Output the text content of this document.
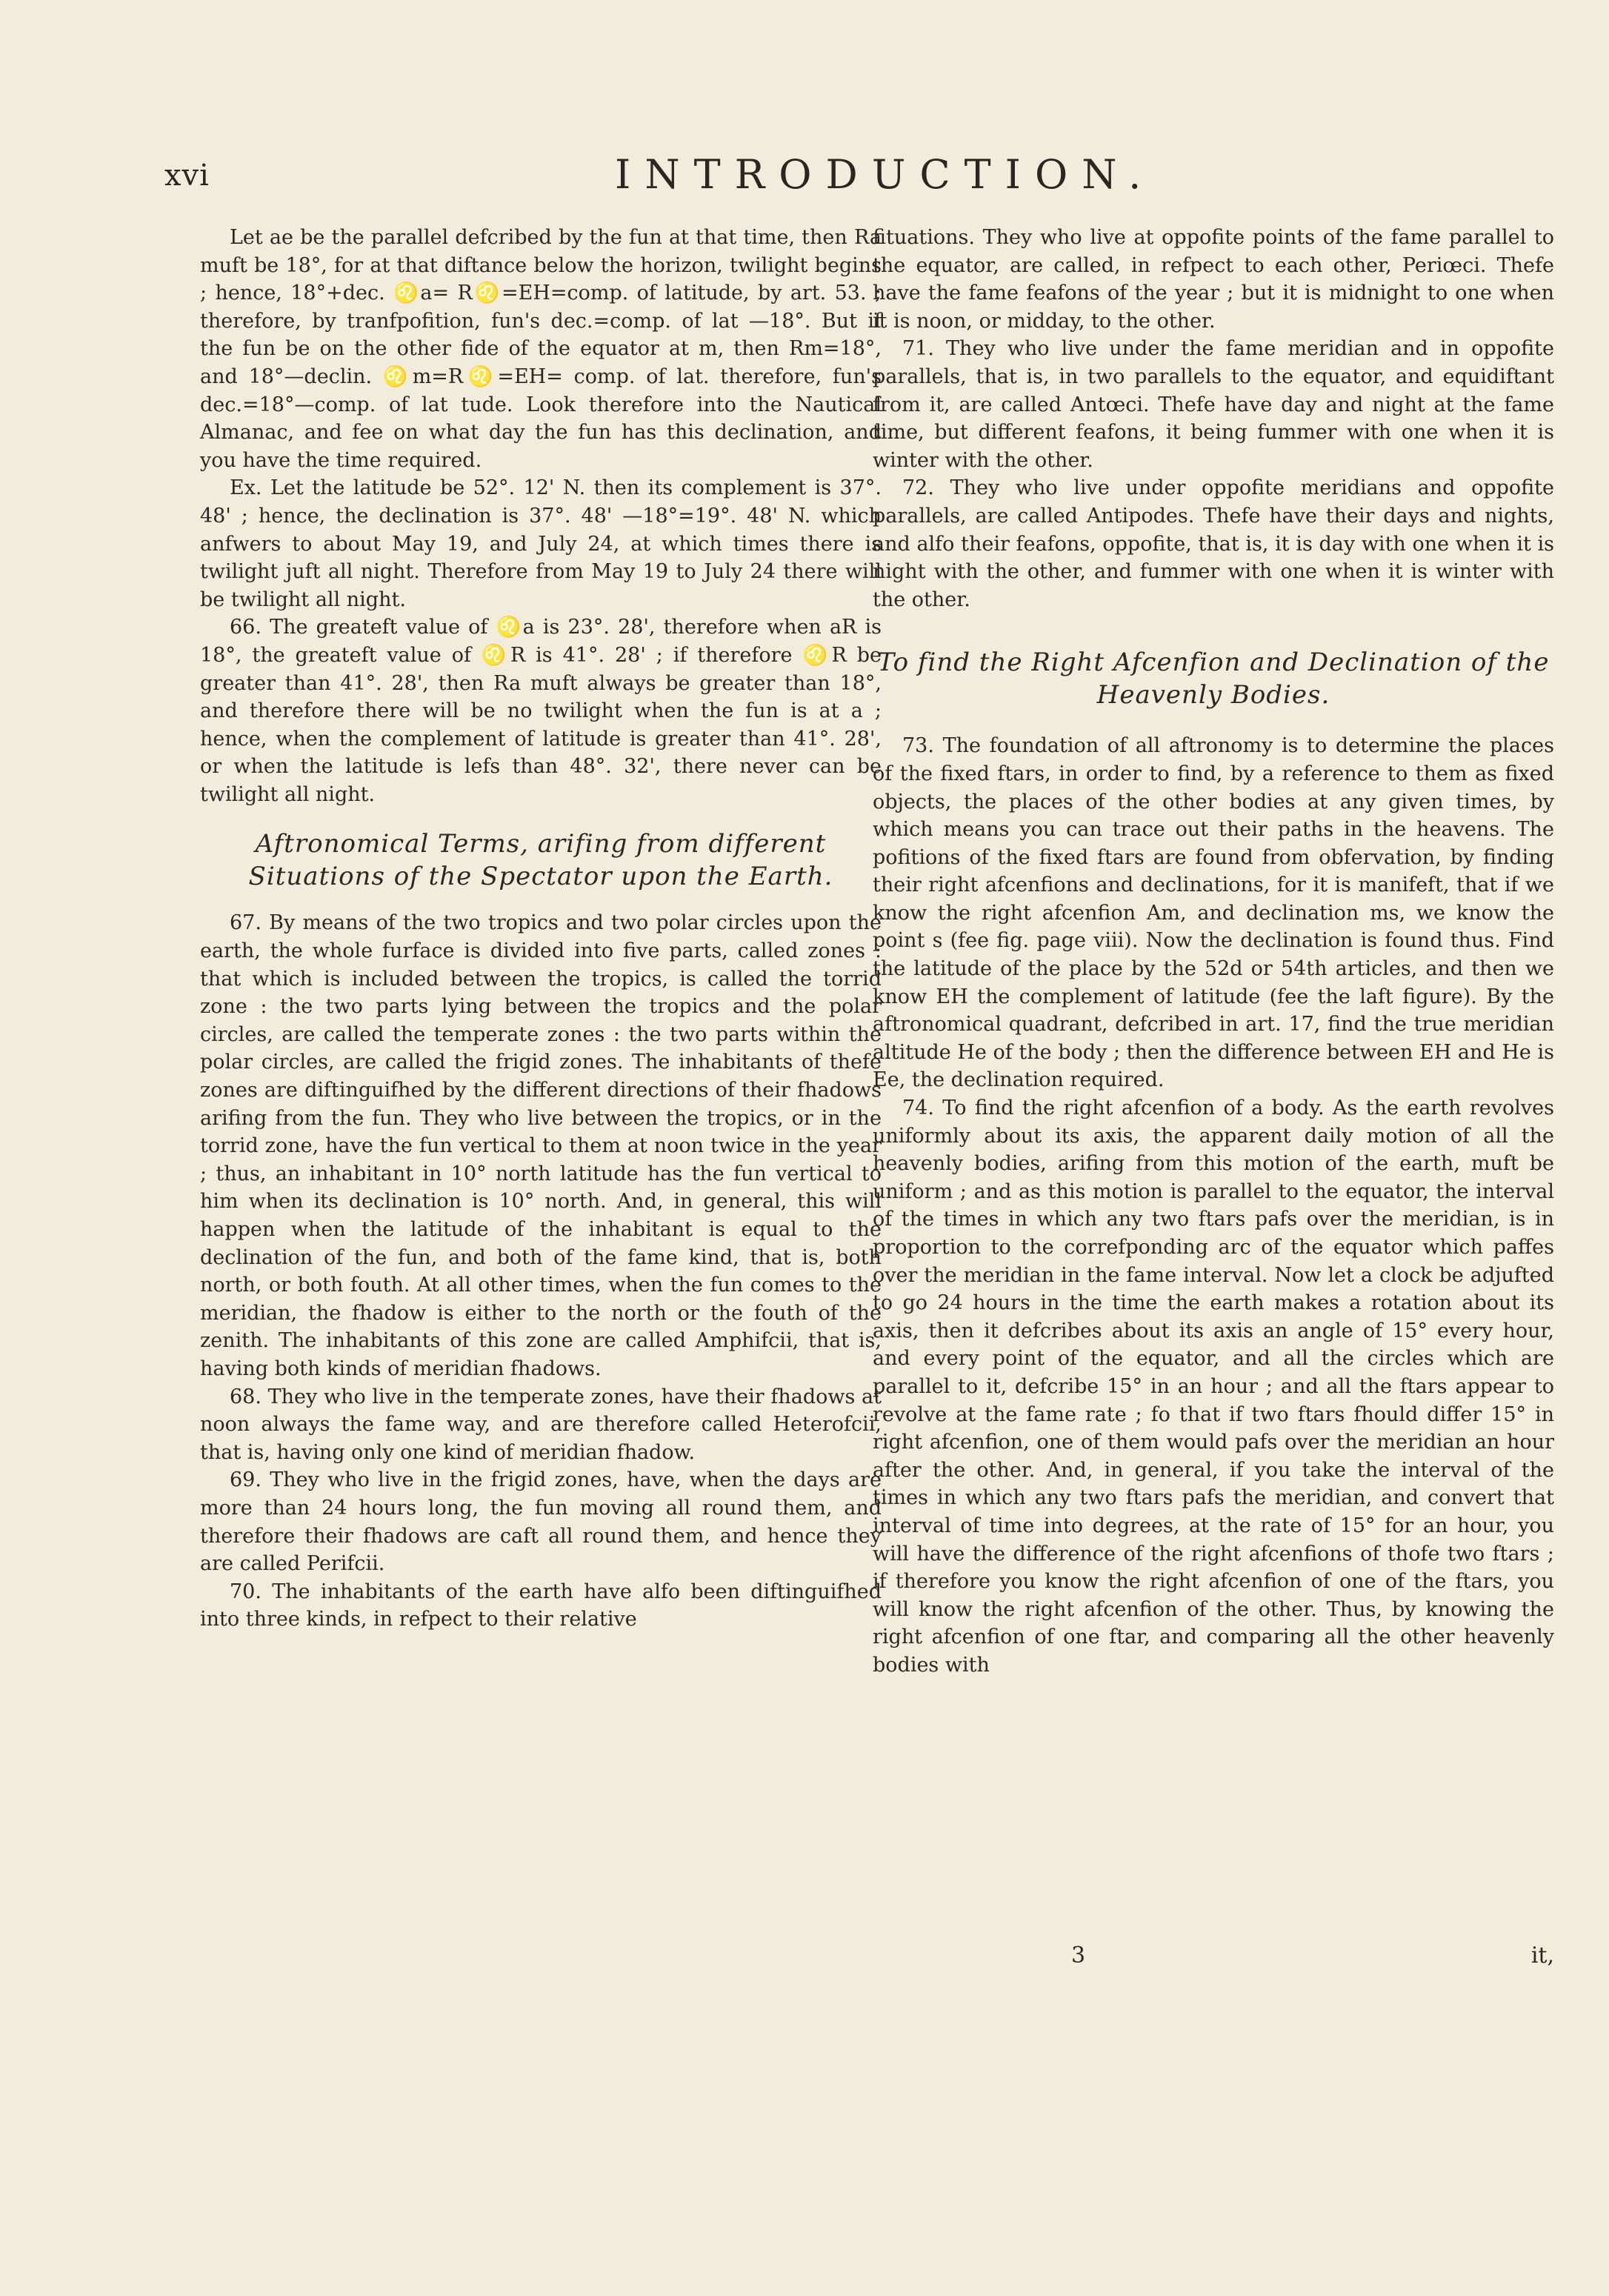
xvi	INTRODUCTION.

Let ae be the parallel defcribed by the fun at that time, then Ra muft be 18°, for at that diftance below the horizon, twilight begins ; hence, 18°+dec. ♌a= R♌=EH=comp. of latitude, by art. 53. ; therefore, by tranfpofition, fun's dec.=comp. of lat —18°. But if the fun be on the other fide of the equator at m, then Rm=18°, and 18°—declin. ♌m=R♌=EH= comp. of lat. therefore, fun's dec.=18°—comp. of lat tude. Look therefore into the Nautical Almanac, and fee on what day the fun has this declination, and you have the time required.

Ex. Let the latitude be 52°. 12' N. then its complement is 37°. 48' ; hence, the declination is 37°. 48' —18°=19°. 48' N. which anfwers to about May 19, and July 24, at which times there is twilight juft all night. Therefore from May 19 to July 24 there will be twilight all night.

66. The greateft value of ♌a is 23°. 28', therefore when aR is 18°, the greateft value of ♌R is 41°. 28' ; if therefore ♌R be greater than 41°. 28', then Ra muft always be greater than 18°, and therefore there will be no twilight when the fun is at a ; hence, when the complement of latitude is greater than 41°. 28', or when the latitude is lefs than 48°. 32', there never can be twilight all night.

Aftronomical Terms, arifing from different Situations of the Spectator upon the Earth.

67. By means of the two tropics and two polar circles upon the earth, the whole furface is divided into five parts, called zones : that which is included between the tropics, is called the torrid zone : the two parts lying between the tropics and the polar circles, are called the temperate zones : the two parts within the polar circles, are called the frigid zones. The inhabitants of thefe zones are diftinguifhed by the different directions of their fhadows arifing from the fun. They who live between the tropics, or in the torrid zone, have the fun vertical to them at noon twice in the year ; thus, an inhabitant in 10° north latitude has the fun vertical to him when its declination is 10° north. And, in general, this will happen when the latitude of the inhabitant is equal to the declination of the fun, and both of the fame kind, that is, both north, or both fouth. At all other times, when the fun comes to the meridian, the fhadow is either to the north or the fouth of the zenith. The inhabitants of this zone are called Amphifcii, that is, having both kinds of meridian fhadows.

68. They who live in the temperate zones, have their fhadows at noon always the fame way, and are therefore called Heterofcii, that is, having only one kind of meridian fhadow.

69. They who live in the frigid zones, have, when the days are more than 24 hours long, the fun moving all round them, and therefore their fhadows are caft all round them, and hence they are called Perifcii.

70. The inhabitants of the earth have alfo been diftinguifhed into three kinds, in refpect to their relative

fituations. They who live at oppofite points of the fame parallel to the equator, are called, in refpect to each other, Periœci. Thefe have the fame feafons of the year ; but it is midnight to one when it is noon, or midday, to the other.

71. They who live under the fame meridian and in oppofite parallels, that is, in two parallels to the equator, and equidiftant from it, are called Antœci. Thefe have day and night at the fame time, but different feafons, it being fummer with one when it is winter with the other.

72. They who live under oppofite meridians and oppofite parallels, are called Antipodes. Thefe have their days and nights, and alfo their feafons, oppofite, that is, it is day with one when it is night with the other, and fummer with one when it is winter with the other.

To find the Right Afcenfion and Declination of the Heavenly Bodies.

73. The foundation of all aftronomy is to determine the places of the fixed ftars, in order to find, by a reference to them as fixed objects, the places of the other bodies at any given times, by which means you can trace out their paths in the heavens. The pofitions of the fixed ftars are found from obfervation, by finding their right afcenfions and declinations, for it is manifeft, that if we know the right afcenfion Am, and declination ms, we know the point s (fee fig. page viii). Now the declination is found thus. Find the latitude of the place by the 52d or 54th articles, and then we know EH the complement of latitude (fee the laft figure). By the aftronomical quadrant, defcribed in art. 17, find the true meridian altitude He of the body ; then the difference between EH and He is Ee, the declination required.

74. To find the right afcenfion of a body. As the earth revolves uniformly about its axis, the apparent daily motion of all the heavenly bodies, arifing from this motion of the earth, muft be uniform ; and as this motion is parallel to the equator, the interval of the times in which any two ftars pafs over the meridian, is in proportion to the correfponding arc of the equator which paffes over the meridian in the fame interval. Now let a clock be adjufted to go 24 hours in the time the earth makes a rotation about its axis, then it defcribes about its axis an angle of 15° every hour, and every point of the equator, and all the circles which are parallel to it, defcribe 15° in an hour ; and all the ftars appear to revolve at the fame rate ; fo that if two ftars fhould differ 15° in right afcenfion, one of them would pafs over the meridian an hour after the other. And, in general, if you take the interval of the times in which any two ftars pafs the meridian, and convert that interval of time into degrees, at the rate of 15° for an hour, you will have the difference of the right afcenfions of thofe two ftars ; if therefore you know the right afcenfion of one of the ftars, you will know the right afcenfion of the other. Thus, by knowing the right afcenfion of one ftar, and comparing all the other heavenly bodies with

3	it,
